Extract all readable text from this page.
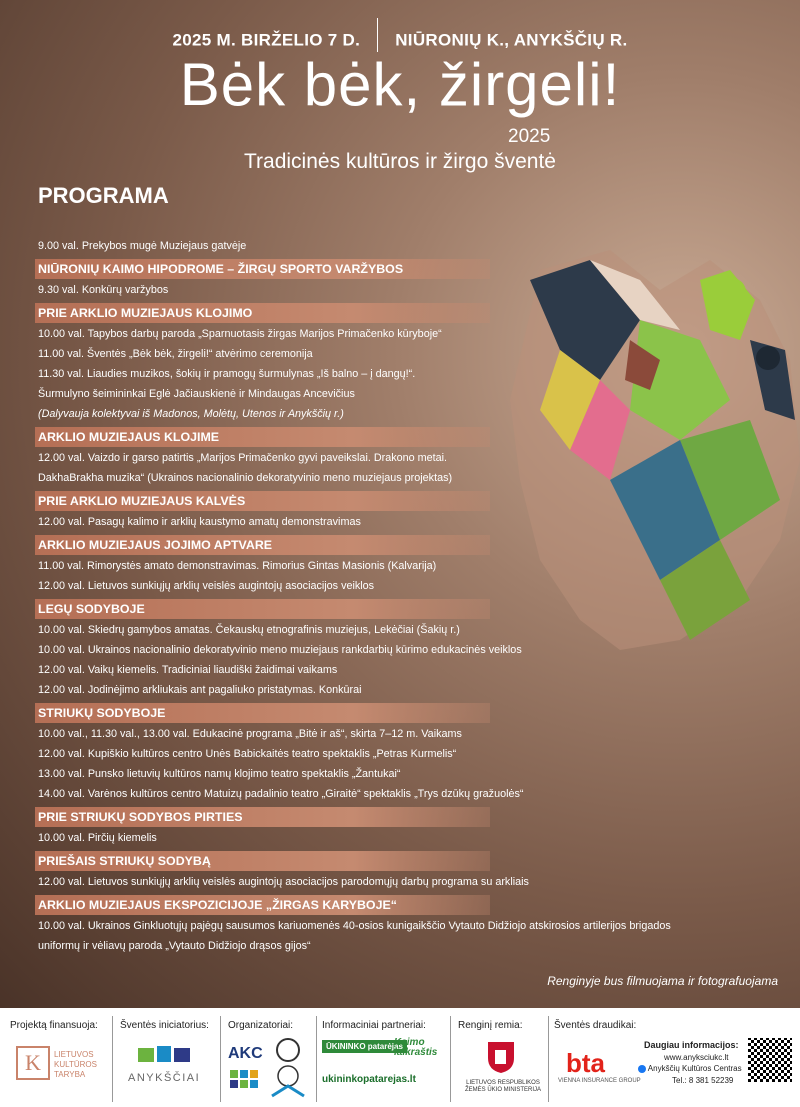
2025 M. BIRŽELIO 7 D. NIŪRONIŲ K., ANYKŠČIŲ R.
Bėk bėk, žirgeli!
2025
Tradicinės kultūros ir žirgo šventė
PROGRAMA
9.00 val. Prekybos mugė Muziejaus gatvėje
NIŪRONIŲ KAIMO HIPODROME – ŽIRGŲ SPORTO VARŽYBOS
9.30 val. Konkūrų varžybos
PRIE ARKLIO MUZIEJAUS KLOJIMO
10.00 val. Tapybos darbų paroda „Sparnuotasis žirgas Marijos Primačenko kūryboje“
11.00 val. Šventės „Bėk bėk, žirgeli!“ atvėrimo ceremonija
11.30 val. Liaudies muzikos, šokių ir pramogų šurmulynas „Iš balno – į dangų!“.
Šurmulyno šeimininkai Eglė Jačiauskienė ir Mindaugas Ancevičius
(Dalyvauja kolektyvai iš Madonos, Molėtų, Utenos ir Anykščių r.)
ARKLIO MUZIEJAUS KLOJIME
12.00 val. Vaizdo ir garso patirtis „Marijos Primačenko gyvi paveikslai. Drakono metai.
DakhaBrakha muzika“ (Ukrainos nacionalinio dekoratyvinio meno muziejaus projektas)
PRIE ARKLIO MUZIEJAUS KALVĖS
12.00 val. Pasagų kalimo ir arklių kaustymo amatų demonstravimas
ARKLIO MUZIEJAUS JOJIMO APTVARE
11.00 val. Rimorystės amato demonstravimas. Rimorius Gintas Masionis (Kalvarija)
12.00 val. Lietuvos sunkiųjų arklių veislės augintojų asociacijos veiklos
LEGŲ SODYBOJE
10.00 val. Skiedrų gamybos amatas. Čekauskų etnografinis muziejus, Lekėčiai (Šakių r.)
10.00 val. Ukrainos nacionalinio dekoratyvinio meno muziejaus rankdarbių kūrimo edukacinės veiklos
12.00 val. Vaikų kiemelis. Tradiciniai liaudiški žaidimai vaikams
12.00 val. Jodinėjimo arkliukais ant pagaliuko pristatymas. Konkūrai
STRIUKŲ SODYBOJE
10.00 val., 11.30 val., 13.00 val. Edukacinė programa „Bitė ir aš“, skirta 7–12 m. Vaikams
12.00 val. Kupiškio kultūros centro Unės Babickaitės teatro spektaklis „Petras Kurmelis“
13.00 val. Punsko lietuvių kultūros namų klojimo teatro spektaklis „Žantukai“
14.00 val. Varėnos kultūros centro Matuizų padalinio teatro „Giraitė“ spektaklis „Trys dzūkų gražuolės“
PRIE STRIUKŲ SODYBOS PIRTIES
10.00 val. Pirčių kiemelis
PRIEŠAIS STRIUKŲ SODYBĄ
12.00 val. Lietuvos sunkiųjų arklių veislės augintojų asociacijos parodomųjų darbų programa su arkliais
ARKLIO MUZIEJAUS EKSPOZICIJOJE „ŽIRGAS KARYBOJE“
10.00 val. Ukrainos Ginkluotųjų pajėgų sausumos kariuomenės 40-osios kunigaikščio Vytauto Didžiojo atskirosios artilerijos brigados
uniformų ir vėliavų paroda „Vytauto Didžiojo drąsos gijos“
Renginyje bus filmuojama ir fotografuojama
Projektą finansuoja:
K	LIETUVOS KULTŪROS TARYBA
Šventės iniciatorius:
ANYKŠČIAI
Organizatoriai:
AKC
Informaciniai partneriai:
ŪKININKO patarėjas
Kaimo laikraštis
ukininkopatarejas.lt
Renginį remia:
LIETUVOS RESPUBLIKOS ŽEMĖS ŪKIO MINISTERIJA
Šventės draudikai:
bta
VIENNA INSURANCE GROUP
Daugiau informacijos:
www.anyksciukc.lt
Anykščių Kultūros Centras
Tel.: 8 381 52239
